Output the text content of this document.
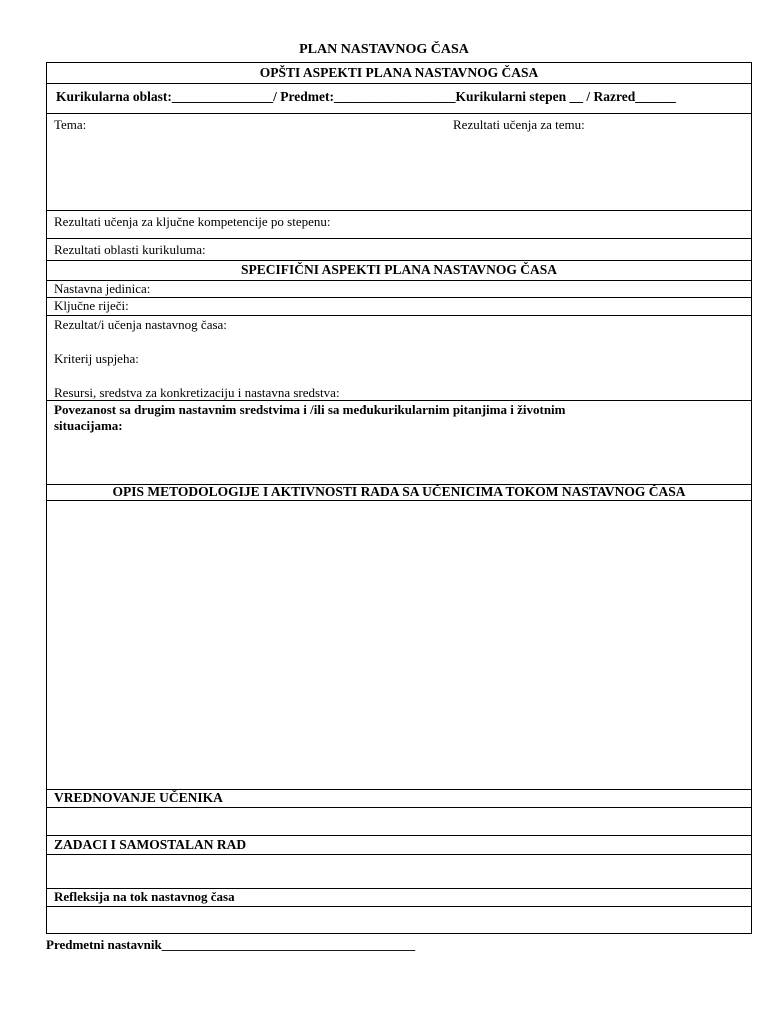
PLAN NASTAVNOG ČASA
OPŠTI ASPEKTI PLANA NASTAVNOG ČASA
Kurikularna oblast:_______________/ Predmet:__________________Kurikularni stepen __ / Razred______
Tema:	Rezultati učenja za temu:
Rezultati učenja za ključne kompetencije po stepenu:
Rezultati oblasti kurikuluma:
SPECIFIČNI ASPEKTI PLANA NASTAVNOG ČASA
Nastavna jedinica:
Ključne riječi:
Rezultat/i učenja nastavnog časa:
Kriterij uspjeha:
Resursi, sredstva za konkretizaciju i nastavna sredstva:
Povezanost sa drugim nastavnim sredstvima i /ili sa međukurikularnim pitanjima i životnim
situacijama:
OPIS METODOLOGIJE I AKTIVNOSTI RADA SA UČENICIMA TOKOM NASTAVNOG ČASA
VREDNOVANJE UČENIKA
ZADACI I SAMOSTALAN RAD
Refleksija na tok nastavnog časa
Predmetni nastavnik_______________________________________
